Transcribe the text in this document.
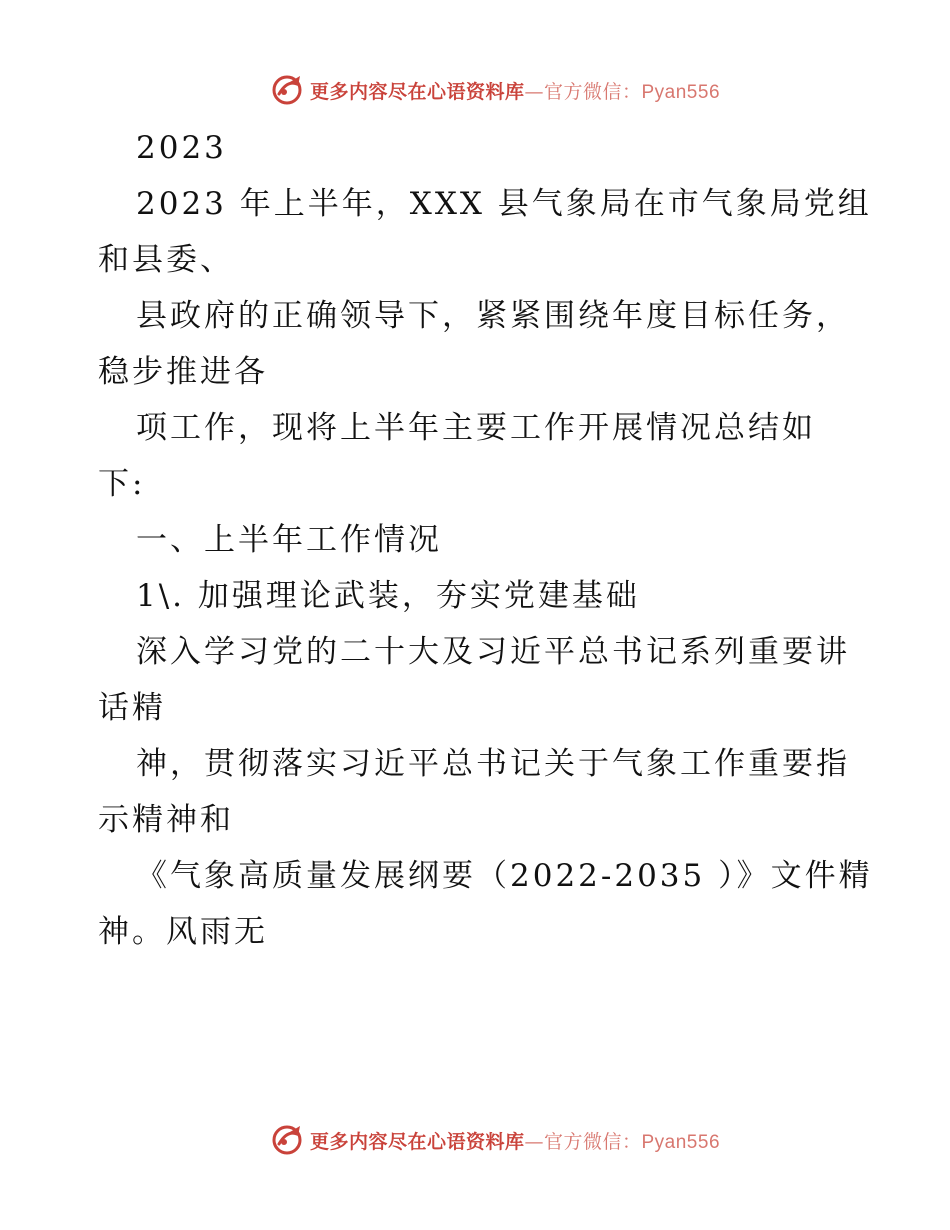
更多内容尽在心语资料库—官方微信：Pyan556
2023
2023 年上半年，XXX 县气象局在市气象局党组
和县委、
县政府的正确领导下，紧紧围绕年度目标任务，
稳步推进各
项工作，现将上半年主要工作开展情况总结如
下:
一、上半年工作情况
1\. 加强理论武装，夯实党建基础
深入学习党的二十大及习近平总书记系列重要讲
话精
神，贯彻落实习近平总书记关于气象工作重要指
示精神和
《气象高质量发展纲要（2022-2035 ）》文件精
神。风雨无
更多内容尽在心语资料库—官方微信：Pyan556
